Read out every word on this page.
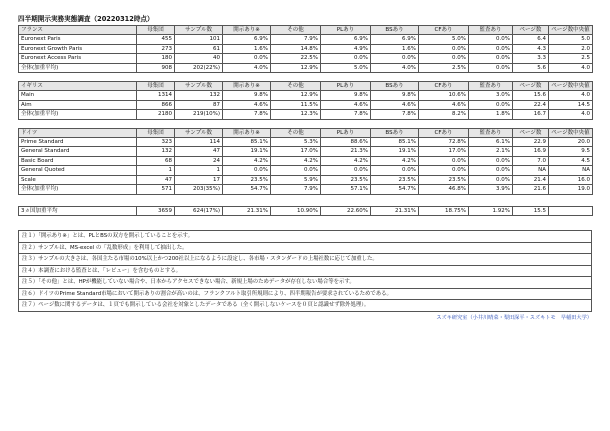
四半期開示実務実態調査（20220312時点）
フランス	母集団	サンプル数	開示あり※	その他	PLあり	BSあり	CFあり	監査あり	ページ数	ページ数中央値
Euronext Paris	455	101	6.9%	7.9%	6.9%	6.9%	5.0%	0.0%	6.4	5.0
Euronext Growth Paris	273	61	1.6%	14.8%	4.9%	1.6%	0.0%	0.0%	4.3	2.0
Euronext Access Paris	180	40	0.0%	22.5%	0.0%	0.0%	0.0%	0.0%	3.3	2.5
全体(加重平均)	908	202(22%)	4.0%	12.9%	5.0%	4.0%	2.5%	0.0%	5.6	4.0

イギリス	母集団	サンプル数	開示あり※	その他	PLあり	BSあり	CFあり	監査あり	ページ数	ページ数中央値
Main	1314	132	9.8%	12.9%	9.8%	9.8%	10.6%	3.0%	15.6	4.0
Aim	866	87	4.6%	11.5%	4.6%	4.6%	4.6%	0.0%	22.4	14.5
全体(加重平均)	2180	219(10%)	7.8%	12.3%	7.8%	7.8%	8.2%	1.8%	16.7	4.0

ドイツ	母集団	サンプル数	開示あり※	その他	PLあり	BSあり	CFあり	監査あり	ページ数	ページ数中央値
Prime Standard	323	114	85.1%	5.3%	88.6%	85.1%	72.8%	6.1%	22.9	20.0
General Standard	132	47	19.1%	17.0%	21.3%	19.1%	17.0%	2.1%	16.9	9.5
Basic Board	68	24	4.2%	4.2%	4.2%	4.2%	0.0%	0.0%	7.0	4.5
General Quoted	1	1	0.0%	0.0%	0.0%	0.0%	0.0%	0.0%	NA	NA
Scale	47	17	23.5%	5.9%	23.5%	23.5%	23.5%	0.0%	21.4	16.0
全体(加重平均)	571	203(35%)	54.7%	7.9%	57.1%	54.7%	46.8%	3.9%	21.6	19.0

3ヵ国加重平均	3659	624(17%)	21.31%	10.90%	22.60%	21.31%	18.75%	1.92%	15.5	
注１）「開示あり※」とは、PLとBSの双方を開示していることを示す。
注２）サンプルは、MS-excel の「乱数形成」を利用して抽出した。
注３）サンプルの大きさは、各国主たる市場の10%以上かつ200社以上になるように設定し、各市場・スタンダードの上場社数に応じて加重した。
注４）本調査における監査とは、「レビュー」を含むものとする。
注５）「その他」とは、HPが機能していない場合や、日本からアクセスできない場合、新規上場のためデータが存在しない場合等を示す。
注６）ドイツのPrime Standard市場において開示ありの割合が高いのは、フランクフルト取引所規則により、四半期報告が要求されているためである。
注７）ページ数に関するデータは、１頁でも開示している会社を対象としたデータである（全く開示しないケースを０頁と認識せず除外処理）。
スズキ研究室（小井川晴菜・梨田深平・スズキトモ　早稲田大学）
